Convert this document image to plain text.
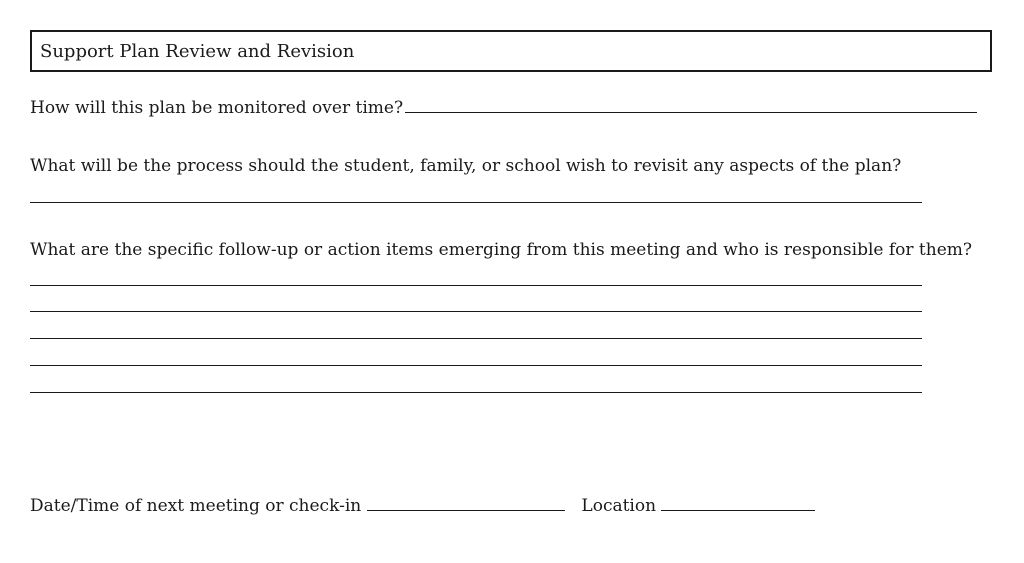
Support Plan Review and Revision
How will this plan be monitored over time?
What will be the process should the student, family, or school wish to revisit any aspects of the plan?
What are the specific follow-up or action items emerging from this meeting and who is responsible for them?
Date/Time of next meeting or check-in	Location
